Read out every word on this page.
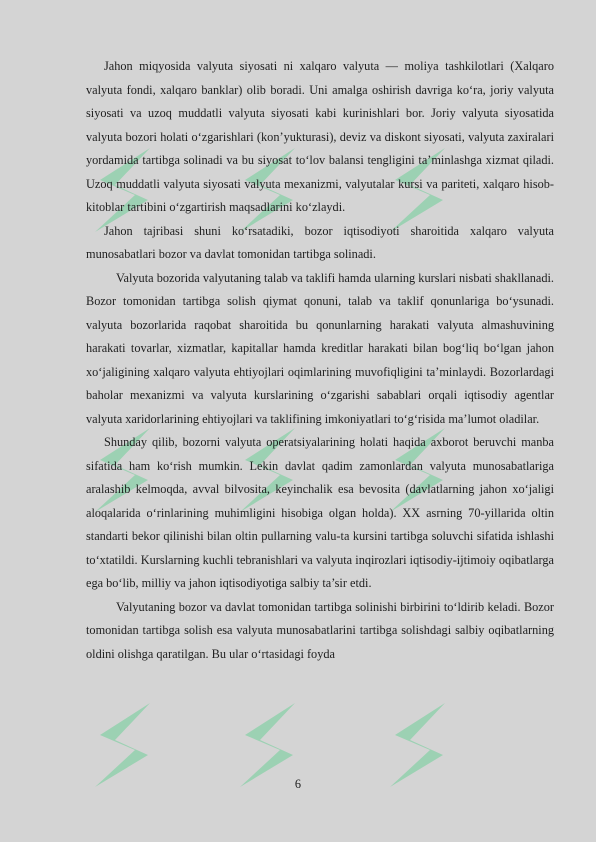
Jahon miqyosida valyuta siyosati ni xalqaro valyuta — moliya tashkilotlari (Xalqaro valyuta fondi, xalqaro banklar) olib boradi. Uni amalga oshirish davriga ko‘ra, joriy valyuta siyosati va uzoq muddatli valyuta siyosati kabi kurinishlari bor. Joriy valyuta siyosatida valyuta bozori holati o‘zgarishlari (kon’yukturasi), deviz va diskont siyosati, valyuta zaxiralari yordamida tartibga solinadi va bu siyosat to‘lov balansi tengligini ta’minlashga xizmat qiladi. Uzoq muddatli valyuta siyosati valyuta mexanizmi, valyutalar kursi va pariteti, xalqaro hisob-kitoblar tartibini o‘zgartirish maqsadlarini ko‘zlaydi.

Jahon tajribasi shuni ko‘rsatadiki, bozor iqtisodiyoti sharoitida xalqaro valyuta munosabatlari bozor va davlat tomonidan tartibga solinadi.

Valyuta bozorida valyutaning talab va taklifi hamda ularning kurslari nisbati shakllanadi. Bozor tomonidan tartibga solish qiymat qonuni, talab va taklif qonunlariga bo‘ysunadi. valyuta bozorlarida raqobat sharoitida bu qonunlarning harakati valyuta almashuvining harakati tovarlar, xizmatlar, kapitallar hamda kreditlar harakati bilan bog‘liq bo‘lgan jahon xo‘jaligining xalqaro valyuta ehtiyojlari oqimlarining muvofiqligini ta’minlaydi. Bozorlardagi baholar mexanizmi va valyuta kurslarining o‘zgarishi sabablari orqali iqtisodiy agentlar valyuta xaridorlarining ehtiyojlari va taklifining imkoniyatlari to‘g‘risida ma’lumot oladilar.

Shunday qilib, bozorni valyuta operatsiyalarining holati haqida axborot beruvchi manba sifatida ham ko‘rish mumkin. Lekin davlat qadim zamonlardan valyuta munosabatlariga aralashib kelmoqda, avval bilvosita, keyinchalik esa bevosita (davlatlarning jahon xo‘jaligi aloqalarida o‘rinlarining muhimligini hisobiga olgan holda). XX asrning 70-yillarida oltin standarti bekor qilinishi bilan oltin pullarning valu-ta kursini tartibga soluvchi sifatida ishlashi to‘xtatildi. Kurslarning kuchli tebranishlari va valyuta inqirozlari iqtisodiy-ijtimoiy oqibatlarga ega bo‘lib, milliy va jahon iqtisodiyotiga salbiy ta’sir etdi.

Valyutaning bozor va davlat tomonidan tartibga solinishi birbirini to‘ldirib keladi. Bozor tomonidan tartibga solish esa valyuta munosabatlarini tartibga solishdagi salbiy oqibatlarning oldini olishga qaratilgan. Bu ular o‘rtasidagi foyda

6
